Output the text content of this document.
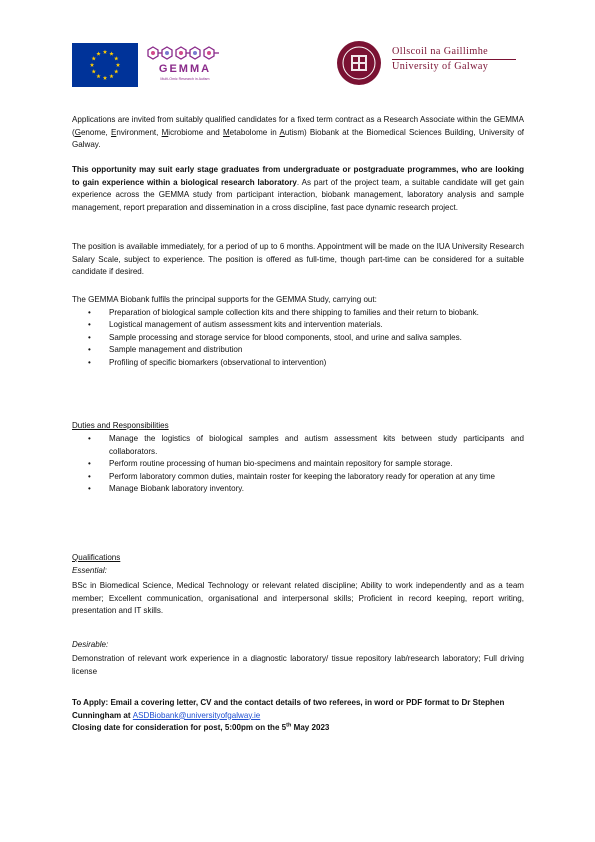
GEMMA
Multi-Omic Research in Autism
Ollscoil na Gaillimhe
University of Galway

Applications are invited from suitably qualified candidates for a fixed term contract as a Research Associate within the GEMMA (Genome, Environment, Microbiome and Metabolome in Autism) Biobank at the Biomedical Sciences Building, University of Galway.

This opportunity may suit early stage graduates from undergraduate or postgraduate programmes, who are looking to gain experience within a biological research laboratory. As part of the project team, a suitable candidate will get gain experience across the GEMMA study from participant interaction, biobank management, laboratory analysis and sample management, report preparation and dissemination in a cross discipline, fast pace dynamic research project.

The position is available immediately, for a period of up to 6 months. Appointment will be made on the IUA University Research Salary Scale, subject to experience. The position is offered as full-time, though part-time can be considered for a suitable candidate if desired.

The GEMMA Biobank fulfils the principal supports for the GEMMA Study, carrying out:

• Preparation of biological sample collection kits and there shipping to families and their return to biobank.
• Logistical management of autism assessment kits and intervention materials.
• Sample processing and storage service for blood components, stool, and urine and saliva samples.
• Sample management and distribution
• Profiling of specific biomarkers (observational to intervention)
Duties and Responsibilities
• Manage the logistics of biological samples and autism assessment kits between study participants and collaborators.
• Perform routine processing of human bio-specimens and maintain repository for sample storage.
• Perform laboratory common duties, maintain roster for keeping the laboratory ready for operation at any time
• Manage Biobank laboratory inventory.
Qualifications
Essential:

BSc in Biomedical Science, Medical Technology or relevant related discipline; Ability to work independently and as a team member; Excellent communication, organisational and interpersonal skills; Proficient in record keeping, report writing, presentation and IT skills.

Desirable:

Demonstration of relevant work experience in a diagnostic laboratory/ tissue repository lab/research laboratory; Full driving license

To Apply: Email a covering letter, CV and the contact details of two referees, in word or PDF format to Dr Stephen Cunningham at ASDBiobank@universityofgalway.ie

Closing date for consideration for post, 5:00pm on the 5th May 2023
